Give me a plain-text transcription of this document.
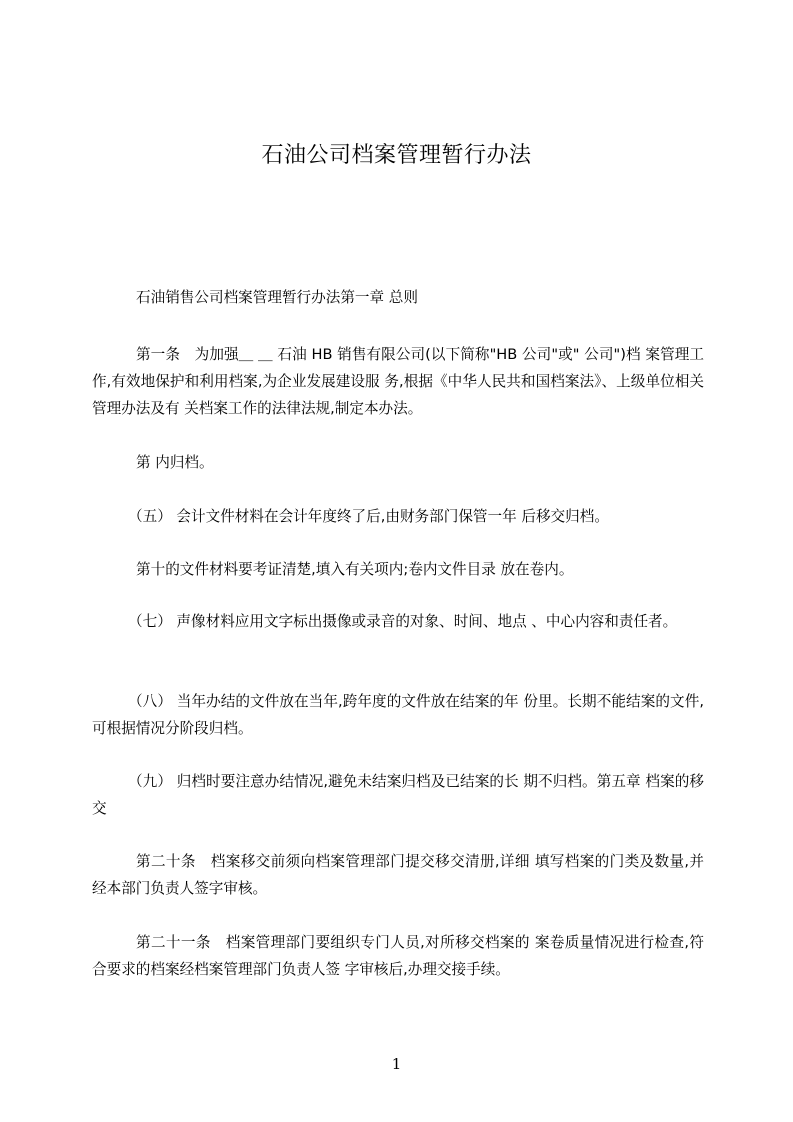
石油公司档案管理暂行办法

石油销售公司档案管理暂行办法第一章 总则

第一条　为加强＿ ＿ 石油 HB 销售有限公司(以下简称"HB 公司"或" 公司")档 案管理工作,有效地保护和利用档案,为企业发展建设服 务,根据《中华人民共和国档案法》、上级单位相关管理办法及有 关档案工作的法律法规,制定本办法。

第 内归档。

（五） 会计文件材料在会计年度终了后,由财务部门保管一年 后移交归档。

第十的文件材料要考证清楚,填入有关项内;卷内文件目录 放在卷内。

（七） 声像材料应用文字标出摄像或录音的对象、时间、地点 、中心内容和责任者。

（八） 当年办结的文件放在当年,跨年度的文件放在结案的年 份里。长期不能结案的文件,可根据情况分阶段归档。

（九） 归档时要注意办结情况,避免未结案归档及已结案的长 期不归档。第五章 档案的移交

第二十条　档案移交前须向档案管理部门提交移交清册,详细 填写档案的门类及数量,并经本部门负责人签字审核。

第二十一条　档案管理部门要组织专门人员,对所移交档案的 案卷质量情况进行检查,符合要求的档案经档案管理部门负责人签 字审核后,办理交接手续。

1
